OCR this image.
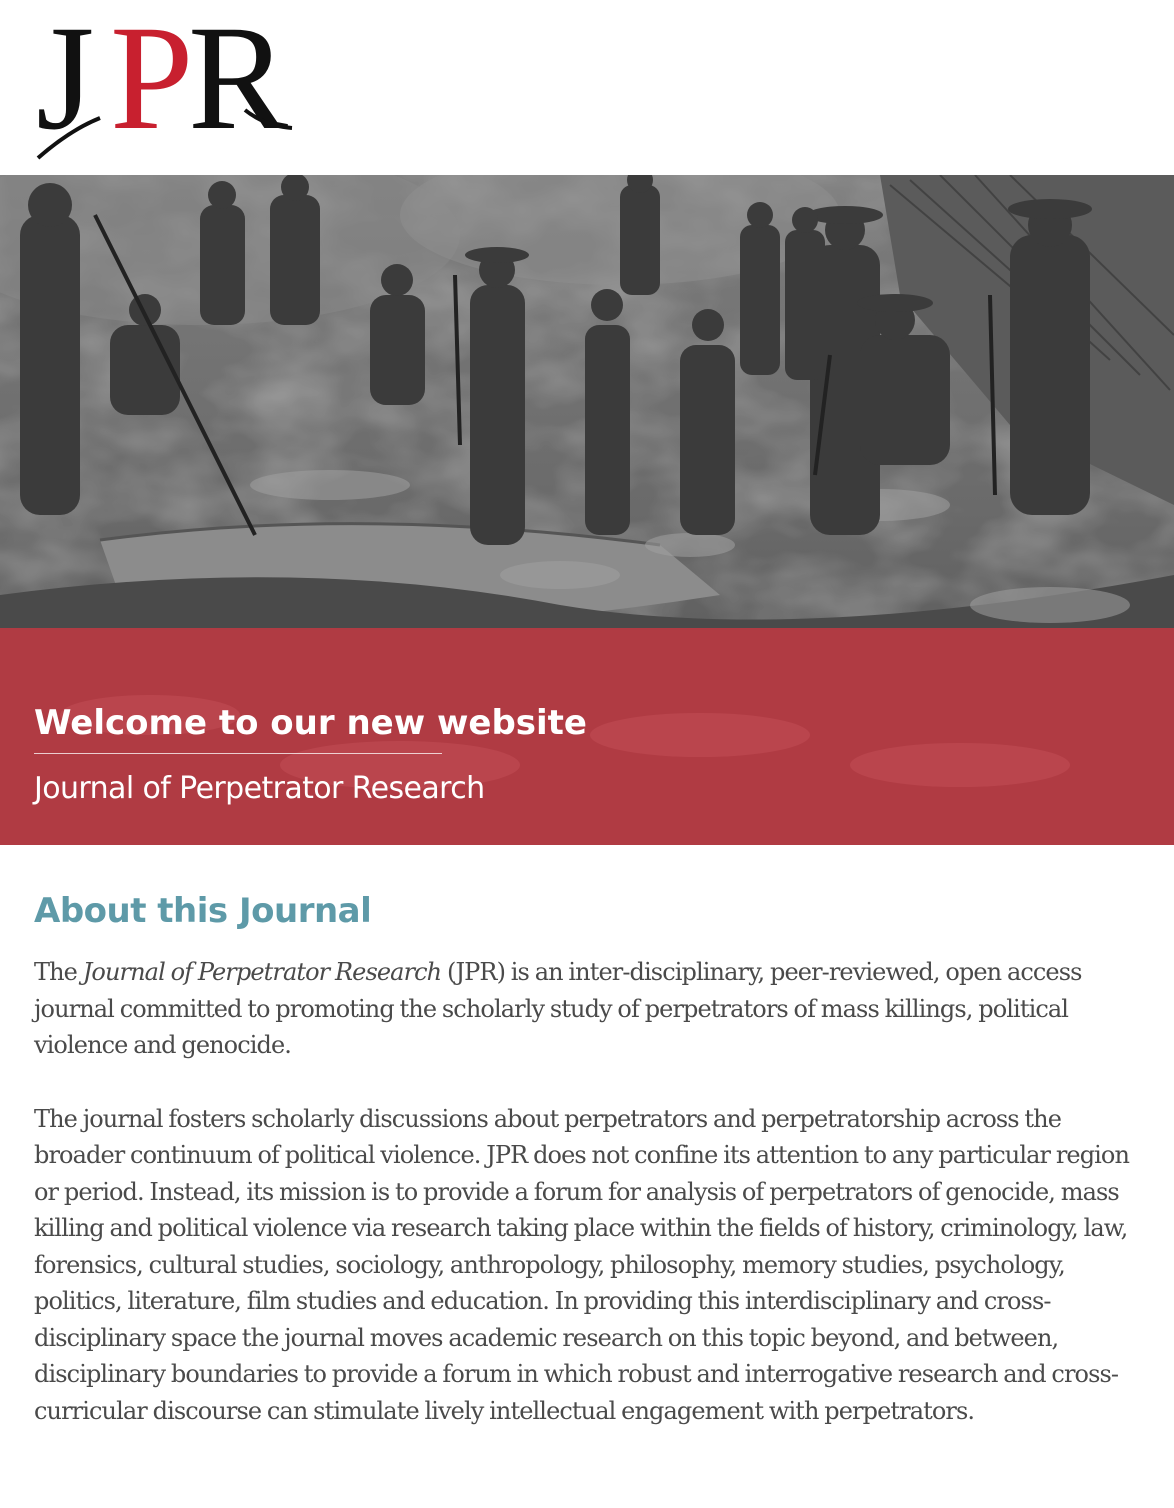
J P
R
Welcome to our new website
Journal of Perpetrator Research
About this Journal

The Journal of Perpetrator Research (JPR) is an inter-disciplinary, peer-reviewed, open access journal committed to promoting the scholarly study of perpetrators of mass killings, political violence and genocide.

The journal fosters scholarly discussions about perpetrators and perpetratorship across the broader continuum of political violence. JPR does not confine its attention to any particular region or period. Instead, its mission is to provide a forum for analysis of perpetrators of genocide, mass killing and political violence via research taking place within the fields of history, criminology, law, forensics, cultural studies, sociology, anthropology, philosophy, memory studies, psychology, politics, literature, film studies and education. In providing this interdisciplinary and cross-disciplinary space the journal moves academic research on this topic beyond, and between, disciplinary boundaries to provide a forum in which robust and interrogative research and cross-curricular discourse can stimulate lively intellectual engagement with perpetrators.
